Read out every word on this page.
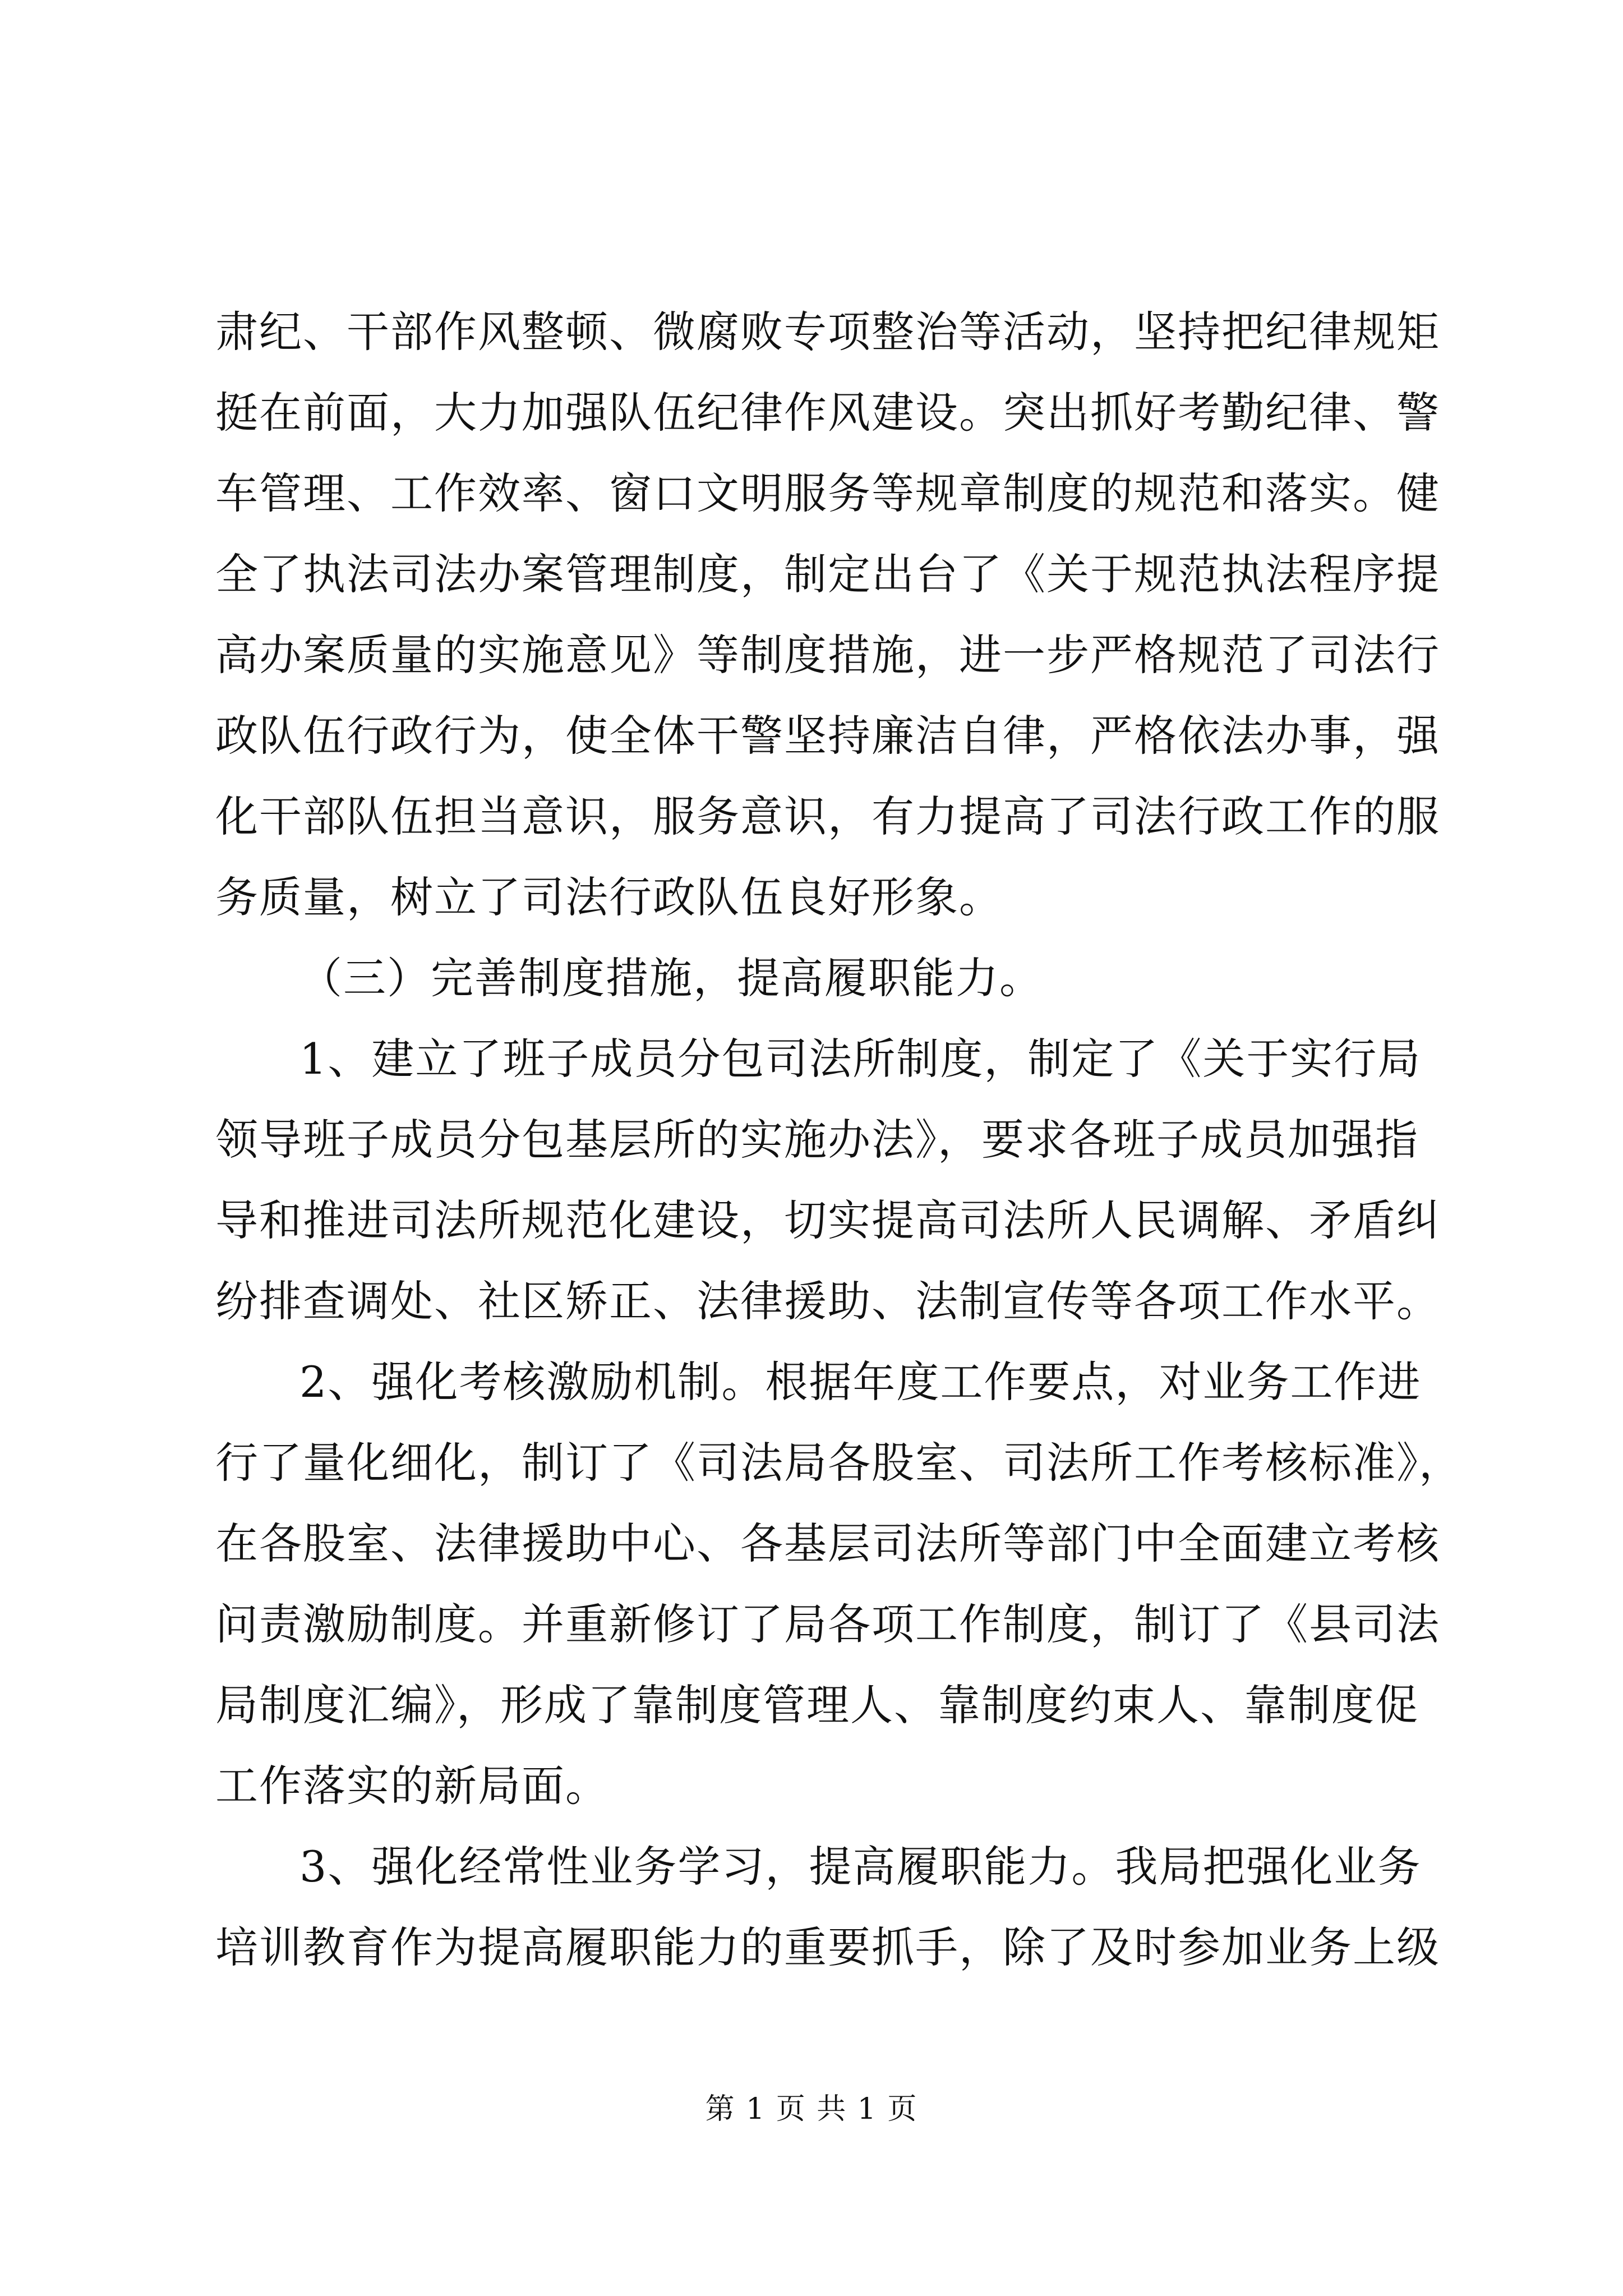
肃纪、干部作风整顿、微腐败专项整治等活动，坚持把纪律规矩
挺在前面，大力加强队伍纪律作风建设。突出抓好考勤纪律、警
车管理、工作效率、窗口文明服务等规章制度的规范和落实。健
全了执法司法办案管理制度，制定出台了《关于规范执法程序提
高办案质量的实施意见》等制度措施，进一步严格规范了司法行
政队伍行政行为，使全体干警坚持廉洁自律，严格依法办事，强
化干部队伍担当意识，服务意识，有力提高了司法行政工作的服
务质量，树立了司法行政队伍良好形象。
（三）完善制度措施，提高履职能力。
1、建立了班子成员分包司法所制度，制定了《关于实行局
领导班子成员分包基层所的实施办法》，要求各班子成员加强指
导和推进司法所规范化建设，切实提高司法所人民调解、矛盾纠
纷排查调处、社区矫正、法律援助、法制宣传等各项工作水平。
2、强化考核激励机制。根据年度工作要点，对业务工作进
行了量化细化，制订了《司法局各股室、司法所工作考核标准》，
在各股室、法律援助中心、各基层司法所等部门中全面建立考核
问责激励制度。并重新修订了局各项工作制度，制订了《县司法
局制度汇编》，形成了靠制度管理人、靠制度约束人、靠制度促
工作落实的新局面。
3、强化经常性业务学习，提高履职能力。我局把强化业务
培训教育作为提高履职能力的重要抓手，除了及时参加业务上级
第 1 页 共 1 页
